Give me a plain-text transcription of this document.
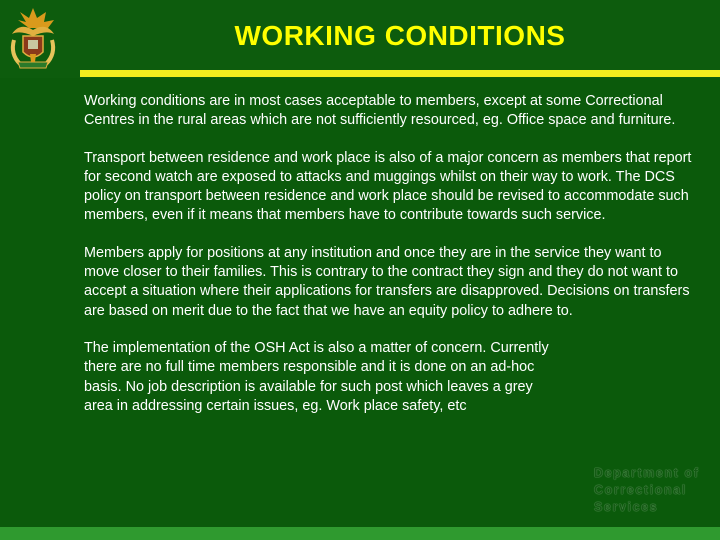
WORKING CONDITIONS

Working conditions are in most cases acceptable to members, except at some Correctional Centres in the rural areas which are not sufficiently resourced, eg. Office space and furniture.

Transport between residence and work place is also of a major concern as members that report for second watch are exposed to attacks and muggings whilst on their way to work. The DCS policy on transport between residence and work place should be revised to accommodate such members, even if it means that members have to contribute towards such service.

Members apply for positions at any institution and once they are in the service they want to move closer to their families. This is contrary to the contract they sign and they do not want to accept a situation where their applications for transfers are disapproved. Decisions on transfers are based on merit due to the fact that we have an equity policy to adhere to.

The implementation of the OSH Act is also a matter of concern. Currently there are no full time members responsible and it is done on an ad-hoc basis. No job description is available for such post which leaves a grey area in addressing certain issues, eg. Work place safety, etc

Department of
Correctional
Services
